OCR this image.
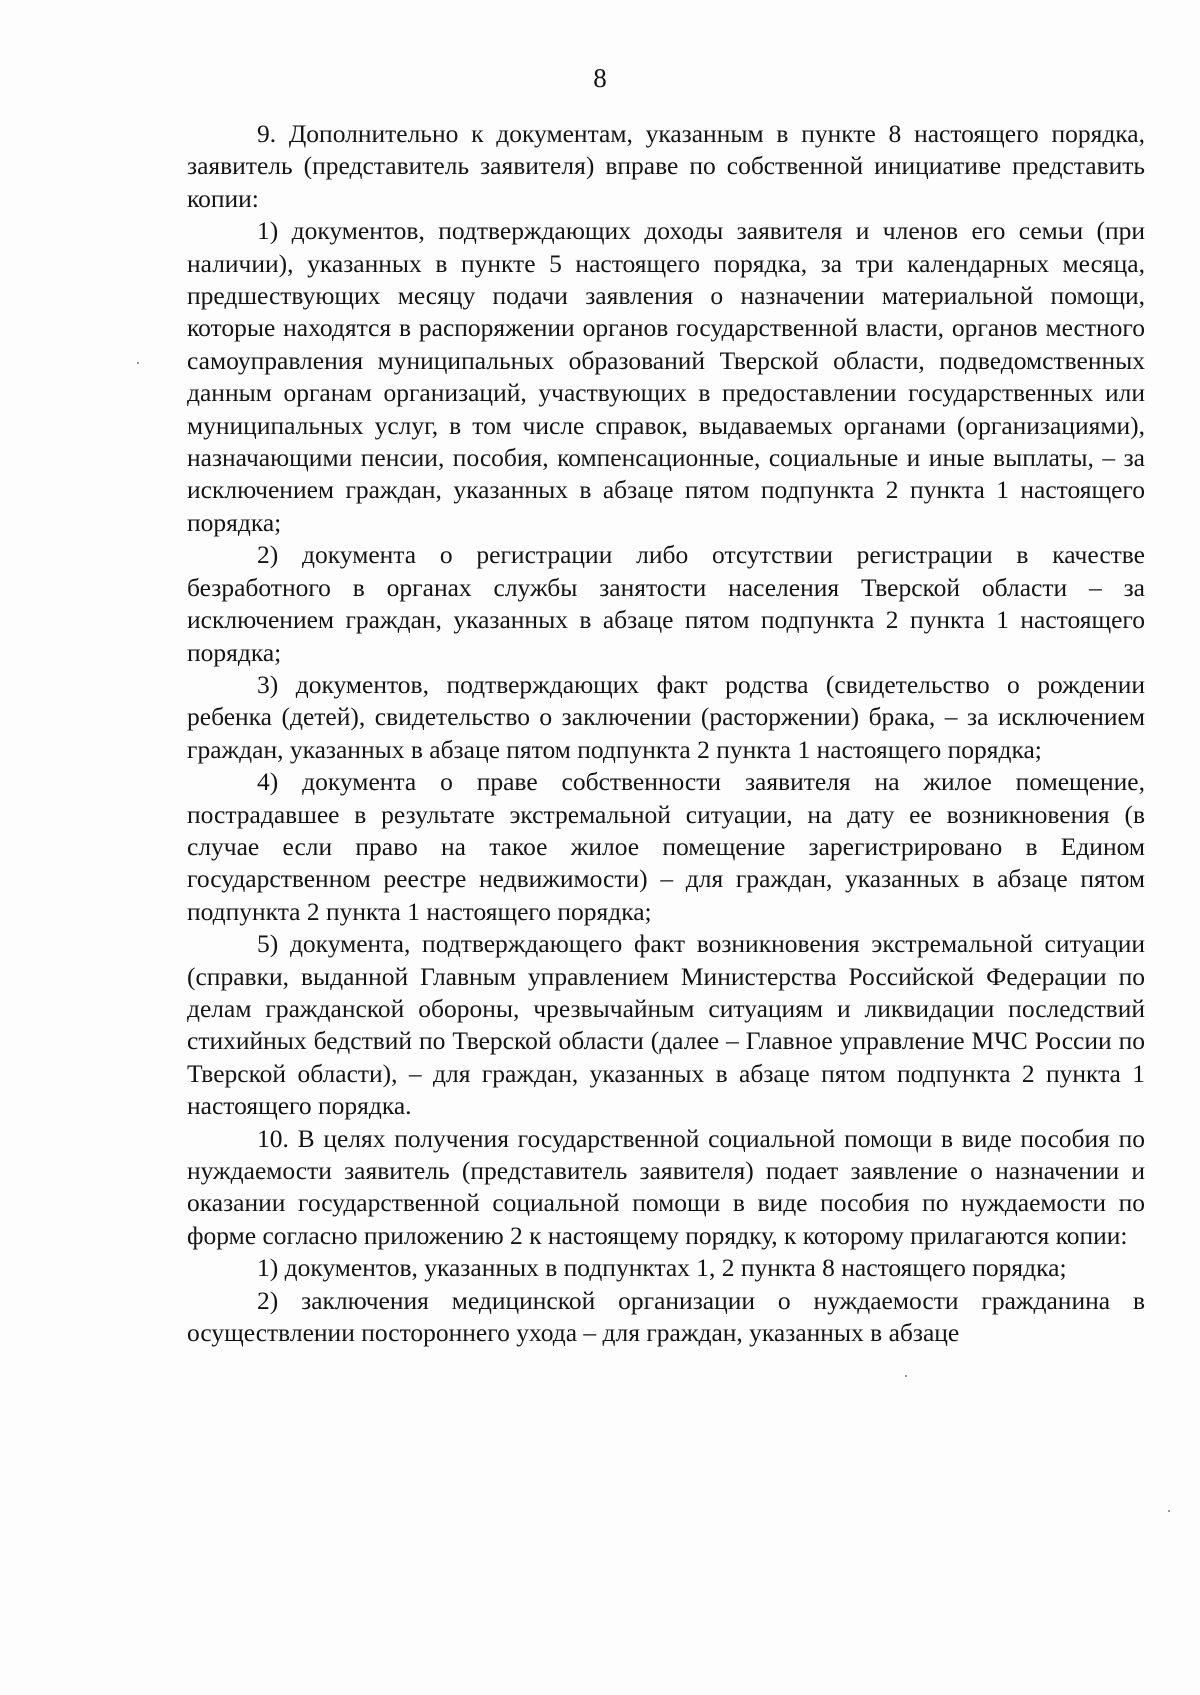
8

9. Дополнительно к документам, указанным в пункте 8 настоящего порядка, заявитель (представитель заявителя) вправе по собственной инициативе представить копии:

1) документов, подтверждающих доходы заявителя и членов его семьи (при наличии), указанных в пункте 5 настоящего порядка, за три календарных месяца, предшествующих месяцу подачи заявления о назначении материальной помощи, которые находятся в распоряжении органов государственной власти, органов местного самоуправления муниципальных образований Тверской области, подведомственных данным органам организаций, участвующих в предоставлении государственных или муниципальных услуг, в том числе справок, выдаваемых органами (организациями), назначающими пенсии, пособия, компенсационные, социальные и иные выплаты, – за исключением граждан, указанных в абзаце пятом подпункта 2 пункта 1 настоящего порядка;

2) документа о регистрации либо отсутствии регистрации в качестве безработного в органах службы занятости населения Тверской области – за исключением граждан, указанных в абзаце пятом подпункта 2 пункта 1 настоящего порядка;

3) документов, подтверждающих факт родства (свидетельство о рождении ребенка (детей), свидетельство о заключении (расторжении) брака, – за исключением граждан, указанных в абзаце пятом подпункта 2 пункта 1 настоящего порядка;

4) документа о праве собственности заявителя на жилое помещение, пострадавшее в результате экстремальной ситуации, на дату ее возникновения (в случае если право на такое жилое помещение зарегистрировано в Едином государственном реестре недвижимости) – для граждан, указанных в абзаце пятом подпункта 2 пункта 1 настоящего порядка;

5) документа, подтверждающего факт возникновения экстремальной ситуации (справки, выданной Главным управлением Министерства Российской Федерации по делам гражданской обороны, чрезвычайным ситуациям и ликвидации последствий стихийных бедствий по Тверской области (далее – Главное управление МЧС России по Тверской области), – для граждан, указанных в абзаце пятом подпункта 2 пункта 1 настоящего порядка.

10. В целях получения государственной социальной помощи в виде пособия по нуждаемости заявитель (представитель заявителя) подает заявление о назначении и оказании государственной социальной помощи в виде пособия по нуждаемости по форме согласно приложению 2 к настоящему порядку, к которому прилагаются копии:

1) документов, указанных в подпунктах 1, 2 пункта 8 настоящего порядка;

2) заключения медицинской организации о нуждаемости гражданина в осуществлении постороннего ухода – для граждан, указанных в абзаце
